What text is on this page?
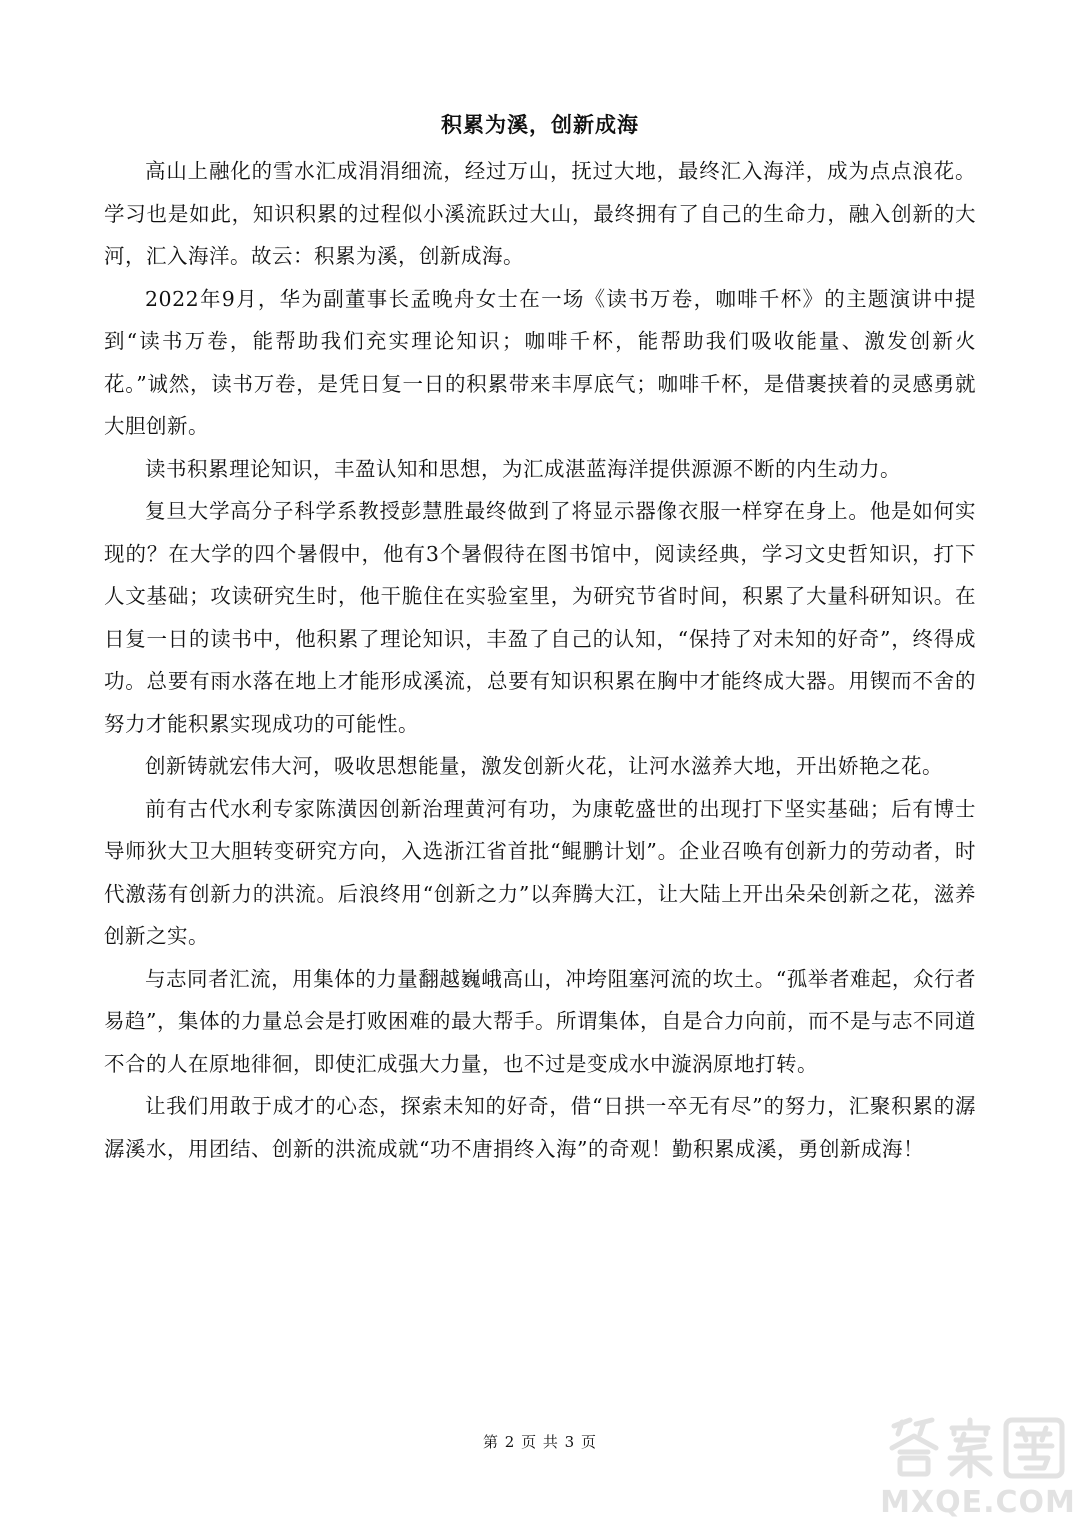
积累为溪，创新成海

高山上融化的雪水汇成涓涓细流，经过万山，抚过大地，最终汇入海洋，成为点点浪花。学习也是如此，知识积累的过程似小溪流跃过大山，最终拥有了自己的生命力，融入创新的大河，汇入海洋。故云：积累为溪，创新成海。

2022年9月，华为副董事长孟晚舟女士在一场《读书万卷，咖啡千杯》的主题演讲中提到“读书万卷，能帮助我们充实理论知识；咖啡千杯，能帮助我们吸收能量、激发创新火花。”诚然，读书万卷，是凭日复一日的积累带来丰厚底气；咖啡千杯，是借裹挟着的灵感勇就大胆创新。

读书积累理论知识，丰盈认知和思想，为汇成湛蓝海洋提供源源不断的内生动力。

复旦大学高分子科学系教授彭慧胜最终做到了将显示器像衣服一样穿在身上。他是如何实现的？在大学的四个暑假中，他有3个暑假待在图书馆中，阅读经典，学习文史哲知识，打下人文基础；攻读研究生时，他干脆住在实验室里，为研究节省时间，积累了大量科研知识。在日复一日的读书中，他积累了理论知识，丰盈了自己的认知，“保持了对未知的好奇”，终得成功。总要有雨水落在地上才能形成溪流，总要有知识积累在胸中才能终成大器。用锲而不舍的努力才能积累实现成功的可能性。

创新铸就宏伟大河，吸收思想能量，激发创新火花，让河水滋养大地，开出娇艳之花。

前有古代水利专家陈潢因创新治理黄河有功，为康乾盛世的出现打下坚实基础；后有博士导师狄大卫大胆转变研究方向，入选浙江省首批“鲲鹏计划”。企业召唤有创新力的劳动者，时代激荡有创新力的洪流。后浪终用“创新之力”以奔腾大江，让大陆上开出朵朵创新之花，滋养创新之实。

与志同者汇流，用集体的力量翻越巍峨高山，冲垮阻塞河流的坎土。“孤举者难起，众行者易趋”，集体的力量总会是打败困难的最大帮手。所谓集体，自是合力向前，而不是与志不同道不合的人在原地徘徊，即使汇成强大力量，也不过是变成水中漩涡原地打转。

让我们用敢于成才的心态，探索未知的好奇，借“日拱一卒无有尽”的努力，汇聚积累的潺潺溪水，用团结、创新的洪流成就“功不唐捐终入海”的奇观！勤积累成溪，勇创新成海！

第 2 页 共 3 页
MXQE.COM
